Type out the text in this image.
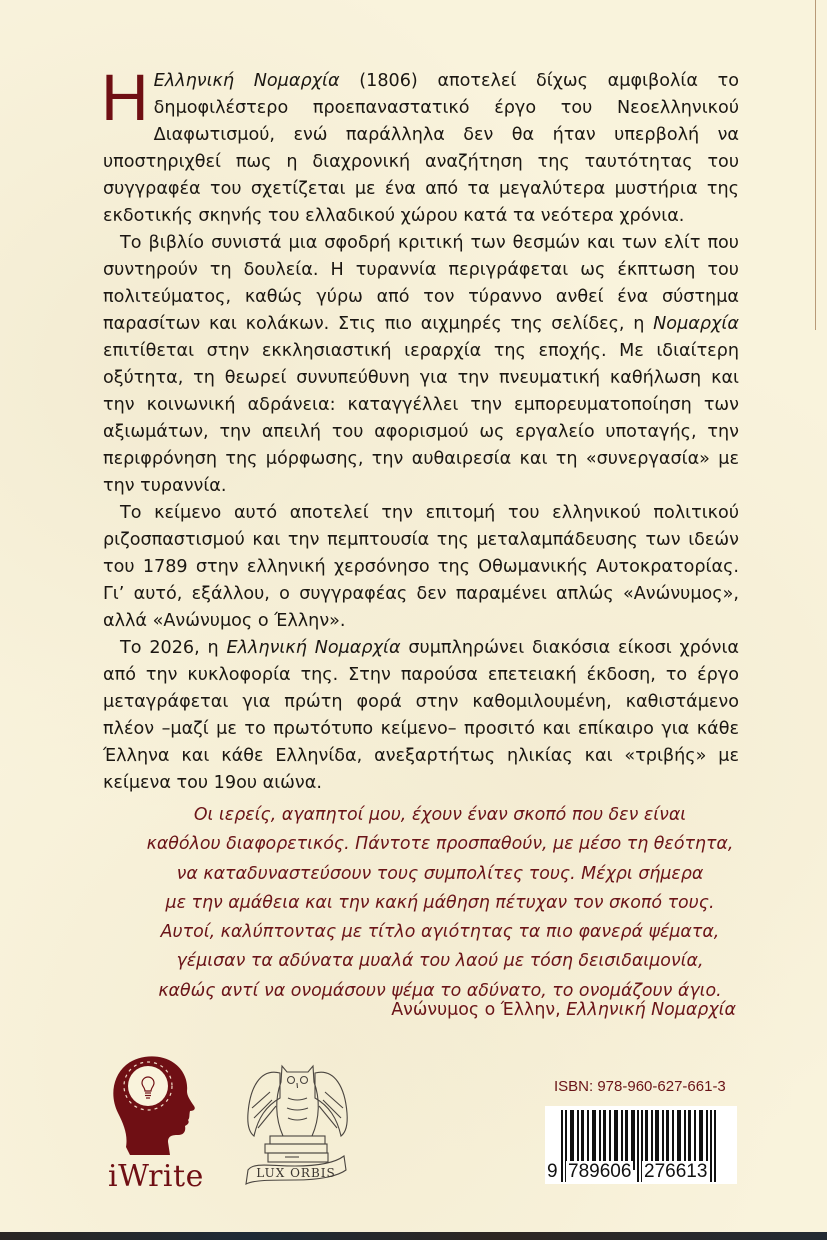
Η Ελληνική Νομαρχία (1806) αποτελεί δίχως αμφιβολία το δημοφιλέστερο προεπαναστατικό έργο του Νεοελληνικού Διαφωτισμού, ενώ παράλληλα δεν θα ήταν υπερβολή να υποστηριχθεί πως η διαχρονική αναζήτηση της ταυτότητας του συγγραφέα του σχετίζεται με ένα από τα μεγαλύτερα μυστήρια της εκδοτικής σκηνής του ελλαδικού χώρου κατά τα νεότερα χρόνια.

Το βιβλίο συνιστά μια σφοδρή κριτική των θεσμών και των ελίτ που συντηρούν τη δουλεία. Η τυραννία περιγράφεται ως έκπτωση του πολιτεύματος, καθώς γύρω από τον τύραννο ανθεί ένα σύστημα παρασίτων και κολάκων. Στις πιο αιχμηρές της σελίδες, η Νομαρχία επιτίθεται στην εκκλησιαστική ιεραρχία της εποχής. Με ιδιαίτερη οξύτητα, τη θεωρεί συνυπεύθυνη για την πνευματική καθήλωση και την κοινωνική αδράνεια: καταγγέλλει την εμπορευματοποίηση των αξιωμάτων, την απειλή του αφορισμού ως εργαλείο υποταγής, την περιφρόνηση της μόρφωσης, την αυθαιρεσία και τη «συνεργασία» με την τυραννία.

Το κείμενο αυτό αποτελεί την επιτομή του ελληνικού πολιτικού ριζοσπαστισμού και την πεμπτουσία της μεταλαμπάδευσης των ιδεών του 1789 στην ελληνική χερσόνησο της Οθωμανικής Αυτοκρατορίας. Γι’ αυτό, εξάλλου, ο συγγραφέας δεν παραμένει απλώς «Ανώνυμος», αλλά «Ανώνυμος ο Έλλην».

Το 2026, η Ελληνική Νομαρχία συμπληρώνει διακόσια είκοσι χρόνια από την κυκλοφορία της. Στην παρούσα επετειακή έκδοση, το έργο μεταγράφεται για πρώτη φορά στην καθομιλουμένη, καθιστάμενο πλέον –μαζί με το πρωτότυπο κείμενο– προσιτό και επίκαιρο για κάθε Έλληνα και κάθε Ελληνίδα, ανεξαρτήτως ηλικίας και «τριβής» με κείμενα του 19ου αιώνα.

Οι ιερείς, αγαπητοί μου, έχουν έναν σκοπό που δεν είναι
καθόλου διαφορετικός. Πάντοτε προσπαθούν, με μέσο τη θεότητα,
να καταδυναστεύσουν τους συμπολίτες τους. Μέχρι σήμερα
με την αμάθεια και την κακή μάθηση πέτυχαν τον σκοπό τους.
Αυτοί, καλύπτοντας με τίτλο αγιότητας τα πιο φανερά ψέματα,
γέμισαν τα αδύνατα μυαλά του λαού με τόση δεισιδαιμονία,
καθώς αντί να ονομάσουν ψέμα το αδύνατο, το ονομάζουν άγιο.
Ανώνυμος ο Έλλην, Ελληνική Νομαρχία
iWrite	LUX ORBIS
ISBN: 978-960-627-661-3
9 789606 276613
